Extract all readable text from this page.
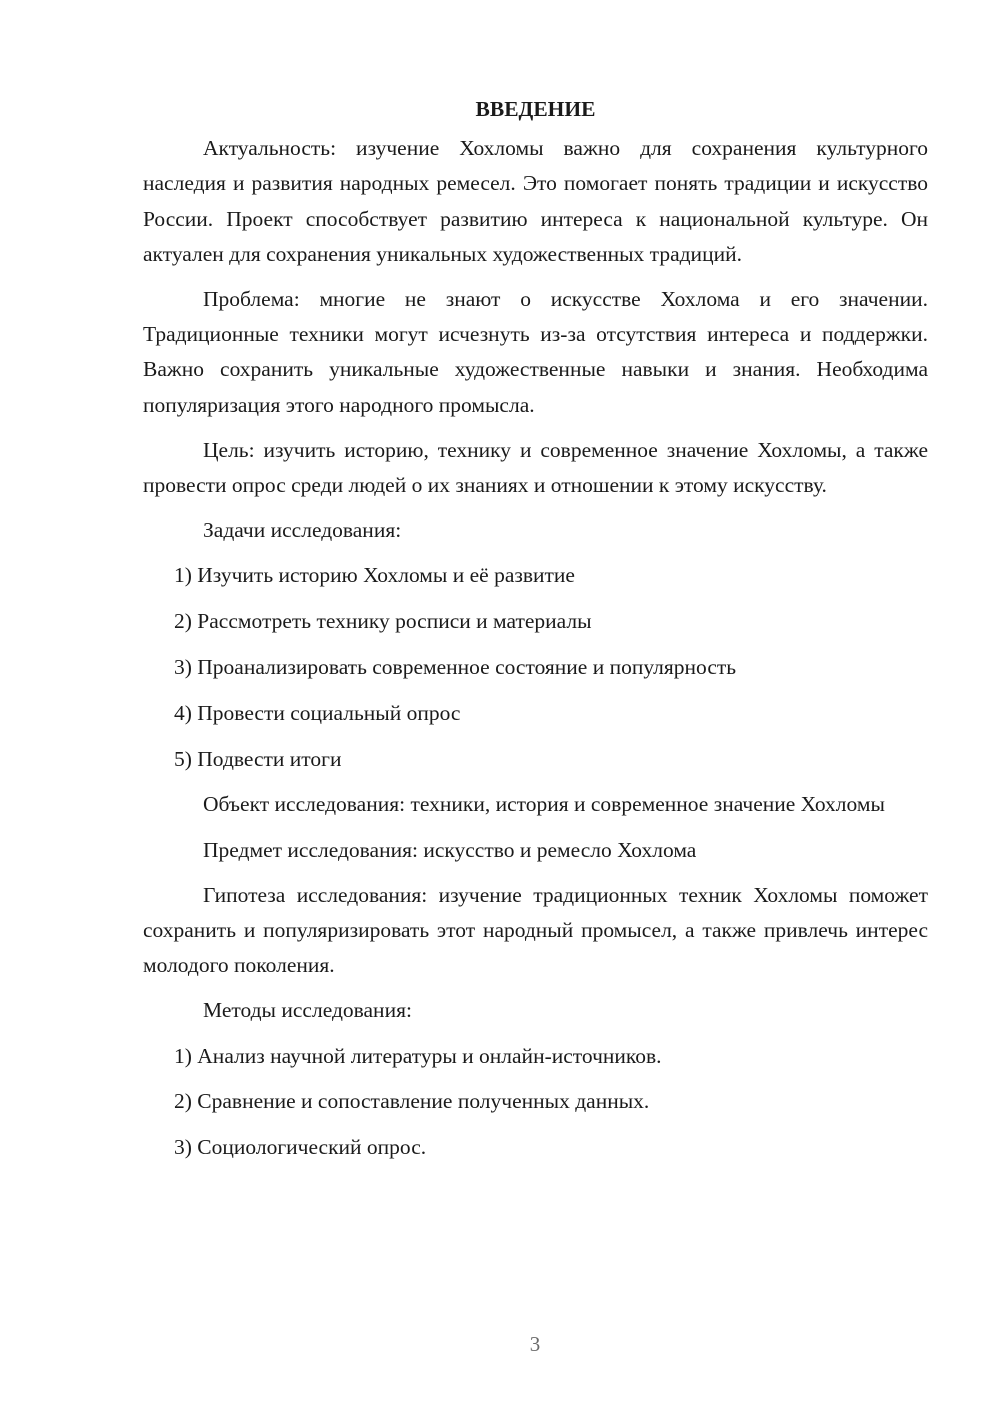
ВВЕДЕНИЕ

Актуальность: изучение Хохломы важно для сохранения культурного наследия и развития народных ремесел. Это помогает понять традиции и искусство России. Проект способствует развитию интереса к национальной культуре. Он актуален для сохранения уникальных художественных традиций.

Проблема: многие не знают о искусстве Хохлома и его значении. Традиционные техники могут исчезнуть из-за отсутствия интереса и поддержки. Важно сохранить уникальные художественные навыки и знания. Необходима популяризация этого народного промысла.

Цель: изучить историю, технику и современное значение Хохломы, а также провести опрос среди людей о их знаниях и отношении к этому искусству.

Задачи исследования:

1) Изучить историю Хохломы и её развитие

2) Рассмотреть технику росписи и материалы

3) Проанализировать современное состояние и популярность

4) Провести социальный опрос

5) Подвести итоги

Объект исследования: техники, история и современное значение Хохломы

Предмет исследования: искусство и ремесло Хохлома

Гипотеза исследования: изучение традиционных техник Хохломы поможет сохранить и популяризировать этот народный промысел, а также привлечь интерес молодого поколения.

Методы исследования:

1) Анализ научной литературы и онлайн-источников.

2) Сравнение и сопоставление полученных данных.

3) Социологический опрос.

3
